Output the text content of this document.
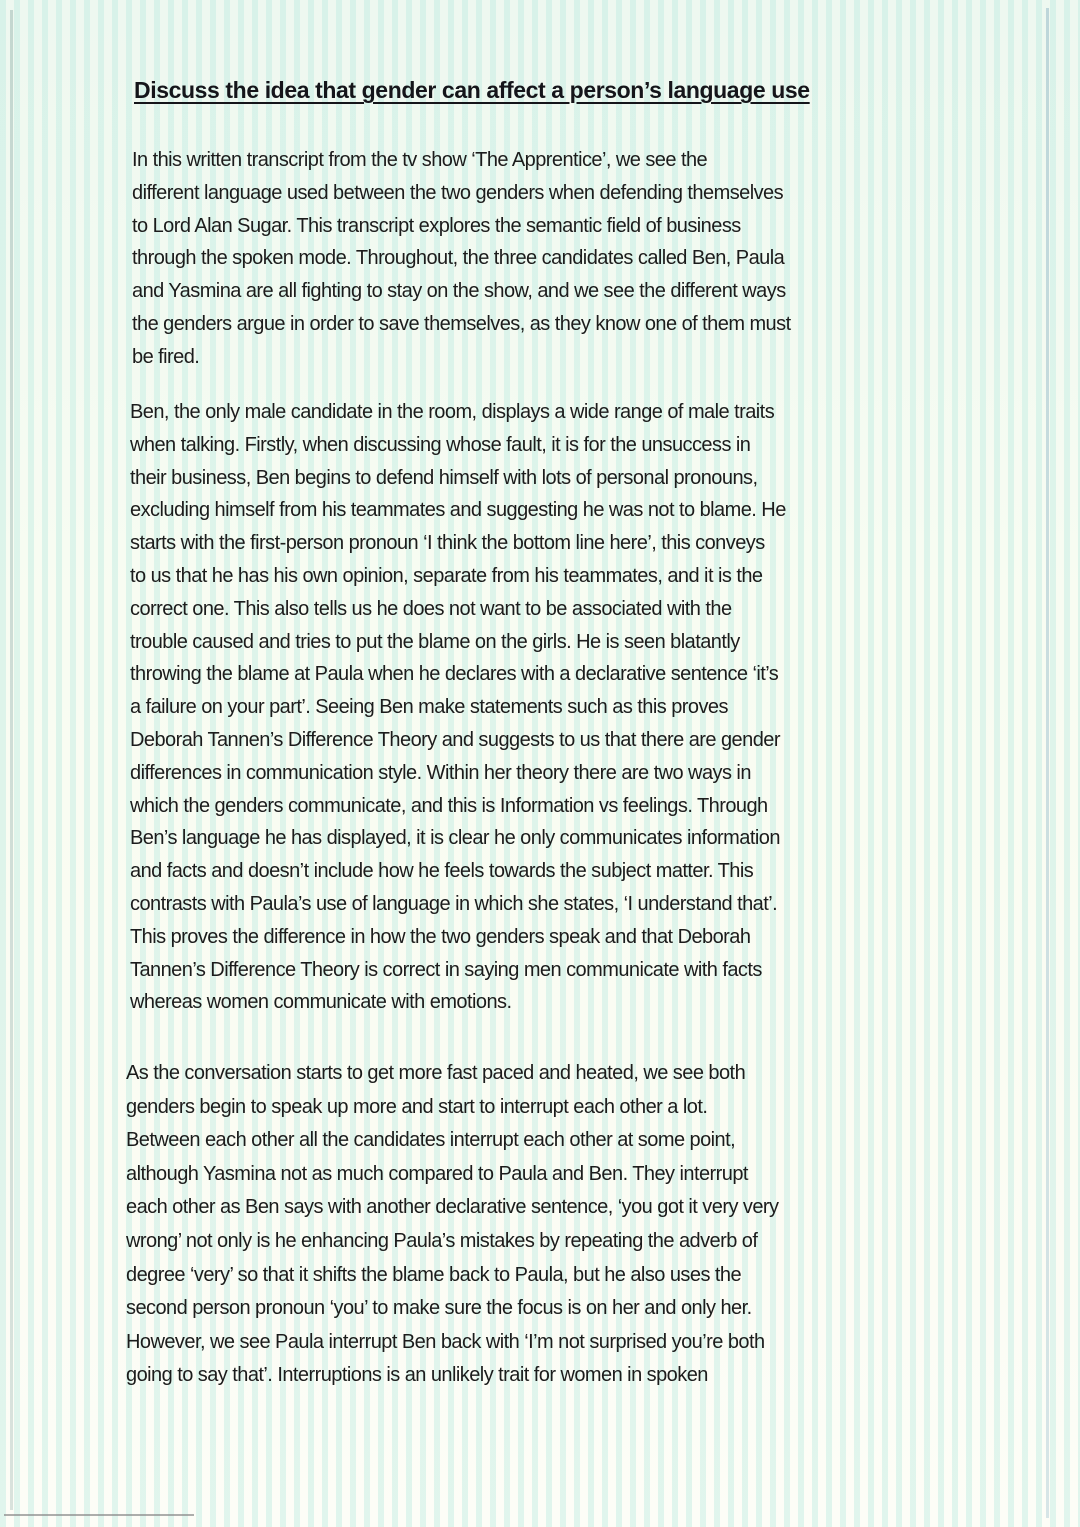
Discuss the idea that gender can affect a person’s language use

In this written transcript from the tv show ‘The Apprentice’, we see the
different language used between the two genders when defending themselves
to Lord Alan Sugar. This transcript explores the semantic field of business
through the spoken mode. Throughout, the three candidates called Ben, Paula
and Yasmina are all fighting to stay on the show, and we see the different ways
the genders argue in order to save themselves, as they know one of them must
be fired.

Ben, the only male candidate in the room, displays a wide range of male traits
when talking. Firstly, when discussing whose fault, it is for the unsuccess in
their business, Ben begins to defend himself with lots of personal pronouns,
excluding himself from his teammates and suggesting he was not to blame. He
starts with the first-person pronoun ‘I think the bottom line here’, this conveys
to us that he has his own opinion, separate from his teammates, and it is the
correct one. This also tells us he does not want to be associated with the
trouble caused and tries to put the blame on the girls. He is seen blatantly
throwing the blame at Paula when he declares with a declarative sentence ‘it’s
a failure on your part’. Seeing Ben make statements such as this proves
Deborah Tannen’s Difference Theory and suggests to us that there are gender
differences in communication style. Within her theory there are two ways in
which the genders communicate, and this is Information vs feelings. Through
Ben’s language he has displayed, it is clear he only communicates information
and facts and doesn’t include how he feels towards the subject matter. This
contrasts with Paula’s use of language in which she states, ‘I understand that’.
This proves the difference in how the two genders speak and that Deborah
Tannen’s Difference Theory is correct in saying men communicate with facts
whereas women communicate with emotions.

As the conversation starts to get more fast paced and heated, we see both
genders begin to speak up more and start to interrupt each other a lot.
Between each other all the candidates interrupt each other at some point,
although Yasmina not as much compared to Paula and Ben. They interrupt
each other as Ben says with another declarative sentence, ‘you got it very very
wrong’ not only is he enhancing Paula’s mistakes by repeating the adverb of
degree ‘very’ so that it shifts the blame back to Paula, but he also uses the
second person pronoun ‘you’ to make sure the focus is on her and only her.
However, we see Paula interrupt Ben back with ‘I’m not surprised you’re both
going to say that’. Interruptions is an unlikely trait for women in spoken
